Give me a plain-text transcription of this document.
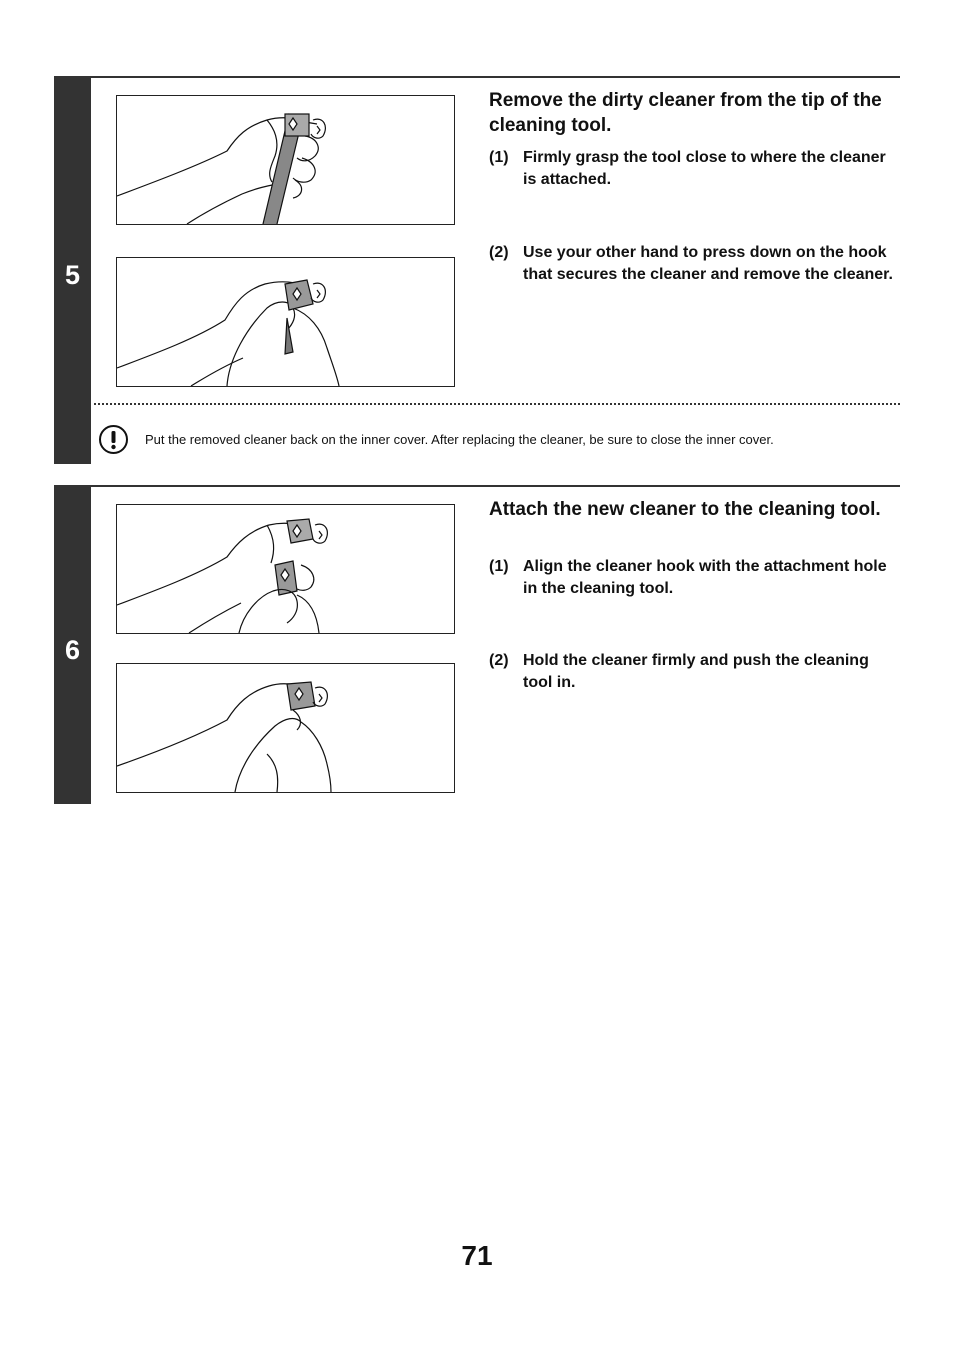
5
Remove the dirty cleaner from the tip of the cleaning tool.
(1) Firmly grasp the tool close to where the cleaner is attached.
(2) Use your other hand to press down on the hook that secures the cleaner and remove the cleaner.
Put the removed cleaner back on the inner cover. After replacing the cleaner, be sure to close the inner cover.
6
Attach the new cleaner to the cleaning tool.
(1) Align the cleaner hook with the attachment hole in the cleaning tool.
(2) Hold the cleaner firmly and push the cleaning tool in.
71
